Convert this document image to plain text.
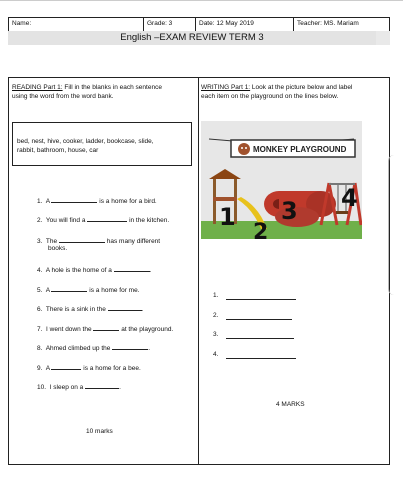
Name:	Grade: 3	Date: 12 May 2019	Teacher: MS. Mariam
English –EXAM REVIEW TERM 3
READING Part 1: Fill in the blanks in each sentence
using the word from the word bank.
bed, nest, hive, cooker, ladder, bookcase, slide,
rabbit, bathroom, house, car
1. A	is a home for a bird.
2. You will find a	in the kitchen.
3. The	has many different
books.
4. A hole is the home of a	.
5. A	is a home for me.
6. There is a sink in the	.
7. I went down the	at the playground.
8. Ahmed climbed up the	.
9. A	is a home for a bee.
10. I sleep on a	.
10 marks
WRITING Part 1: Look at the picture below and label
each item on the playground on the lines below.
MONKEY PLAYGROUND
1
2
3 4
1.
2.
3.
4.
4 MARKS
